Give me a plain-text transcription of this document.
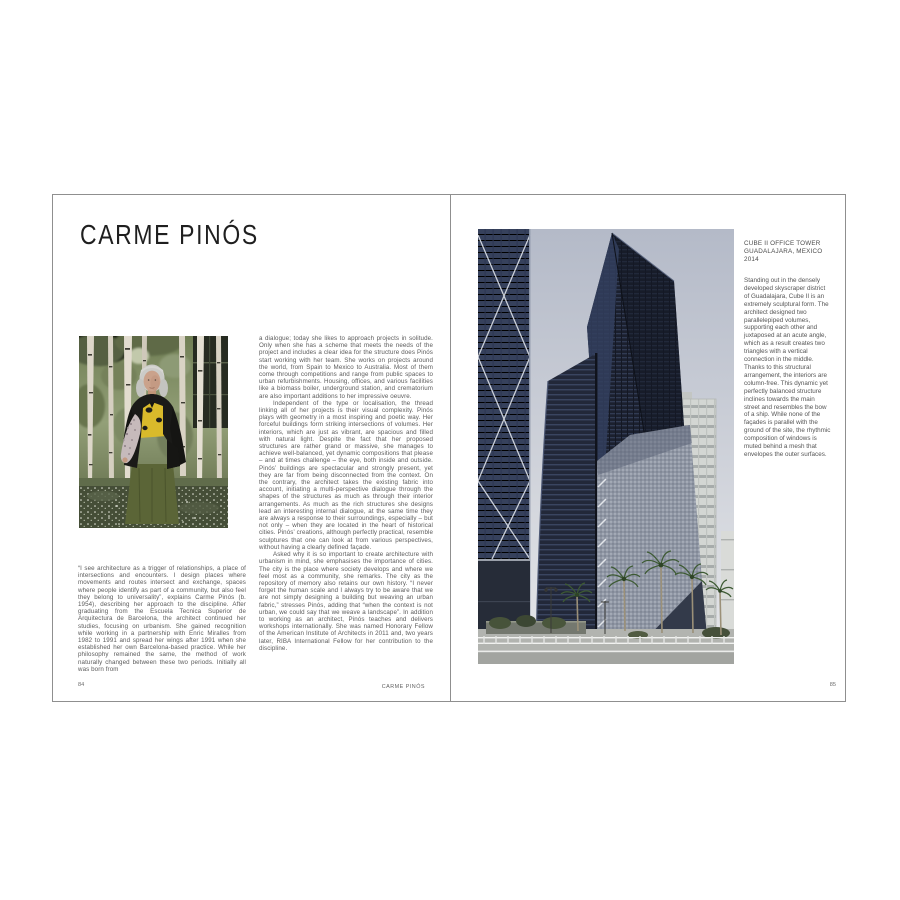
CARME PINÓS

“I see architecture as a trigger of relationships, a place of intersections and encounters. I design places where movements and routes intersect and exchange, spaces where people identify as part of a community, but also feel they belong to universality”, explains Carme Pinós (b. 1954), describing her approach to the discipline. After graduating from the Escuela Tecnica Superior de Arquitectura de Barcelona, the architect continued her studies, focusing on urbanism. She gained recognition while working in a partnership with Enric Miralles from 1982 to 1991 and spread her wings after 1991 when she established her own Barcelona-based practice. While her philosophy remained the same, the method of work naturally changed between these two periods. Initially all was born from

a dialogue; today she likes to approach projects in solitude. Only when she has a scheme that meets the needs of the project and includes a clear idea for the structure does Pinós start working with her team. She works on projects around the world, from Spain to Mexico to Australia. Most of them come through competitions and range from public spaces to urban refurbishments. Housing, offices, and various facilities like a biomass boiler, underground station, and crematorium are also important additions to her impressive oeuvre.

Independent of the type or localisation, the thread linking all of her projects is their visual complexity. Pinós plays with geometry in a most inspiring and poetic way. Her forceful buildings form striking intersections of volumes. Her interiors, which are just as vibrant, are spacious and filled with natural light. Despite the fact that her proposed structures are rather grand or massive, she manages to achieve well-balanced, yet dynamic compositions that please – and at times challenge – the eye, both inside and outside. Pinós’ buildings are spectacular and strongly present, yet they are far from being disconnected from the context. On the contrary, the architect takes the existing fabric into account, initiating a multi-perspective dialogue through the shapes of the structures as much as through their interior arrangements. As much as the rich structures she designs lead an interesting internal dialogue, at the same time they are always a response to their surroundings, especially – but not only – when they are located in the heart of historical cities. Pinós’ creations, although perfectly practical, resemble sculptures that one can look at from various perspectives, without having a clearly defined façade.

Asked why it is so important to create architecture with urbanism in mind, she emphasises the importance of cities. The city is the place where society develops and where we feel most as a community, she remarks. The city as the repository of memory also retains our own history. “I never forget the human scale and I always try to be aware that we are not simply designing a building but weaving an urban fabric,” stresses Pinós, adding that “when the context is not urban, we could say that we weave a landscape”. In addition to working as an architect, Pinós teaches and delivers workshops internationally. She was named Honorary Fellow of the American Institute of Architects in 2011 and, two years later, RIBA International Fellow for her contribution to the discipline.

84	CARME PINÓS

CUBE II OFFICE TOWER

GUADALAJARA, MEXICO 2014

Standing out in the densely developed skyscraper district of Guadalajara, Cube II is an extremely sculptural form. The architect designed two parallelepiped volumes, supporting each other and juxtaposed at an acute angle, which as a result creates two triangles with a vertical connection in the middle. Thanks to this structural arrangement, the interiors are column-free. This dynamic yet perfectly balanced structure inclines towards the main street and resembles the bow of a ship. While none of the façades is parallel with the ground of the site, the rhythmic composition of windows is muted behind a mesh that envelopes the outer surfaces.

85
